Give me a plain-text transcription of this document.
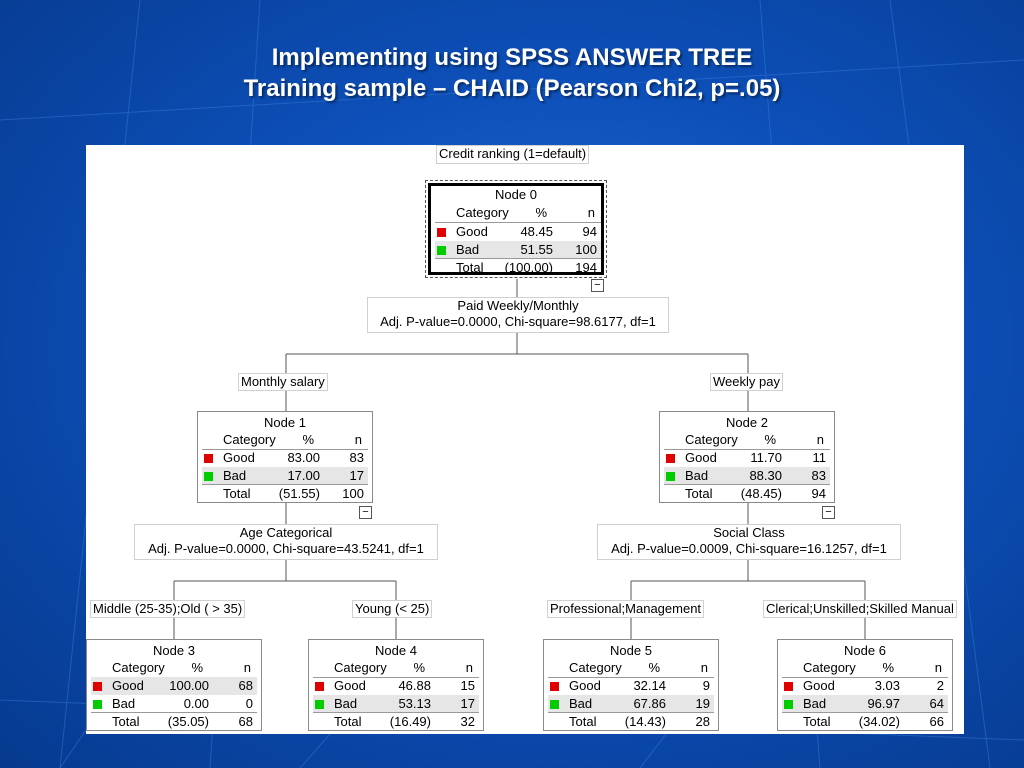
Implementing using SPSS ANSWER TREE
Training sample – CHAID (Pearson Chi2, p=.05)
Credit ranking (1=default)
Node 0
Category %	n
Good	48.45 94
Bad	51.55 100
Total (100.00) 194
−
Paid Weekly/Monthly
Adj. P-value=0.0000, Chi-square=98.6177, df=1
Monthly salary	Weekly pay
Node 1
Category %	n
Good	83.00 83
Bad	17.00 17
Total (51.55) 100
−
Node 2
Category %	n
Good	11.70 11
Bad	88.30 83
Total (48.45) 94
−
Age Categorical
Adj. P-value=0.0000, Chi-square=43.5241, df=1
Social Class
Adj. P-value=0.0009, Chi-square=16.1257, df=1
Middle (25-35);Old ( > 35)	Young (< 25)	Professional;Management	Clerical;Unskilled;Skilled Manual
Node 3
Category %	n
Good 100.00 68
Bad	0.00	0
Total (35.05) 68
Node 4
Category %	n
Good	46.88 15
Bad	53.13 17
Total (16.49) 32
Node 5
Category %	n
Good	32.14	9
Bad	67.86 19
Total (14.43) 28
Node 6
Category %	n
Good	3.03	2
Bad	96.97 64
Total (34.02) 66
